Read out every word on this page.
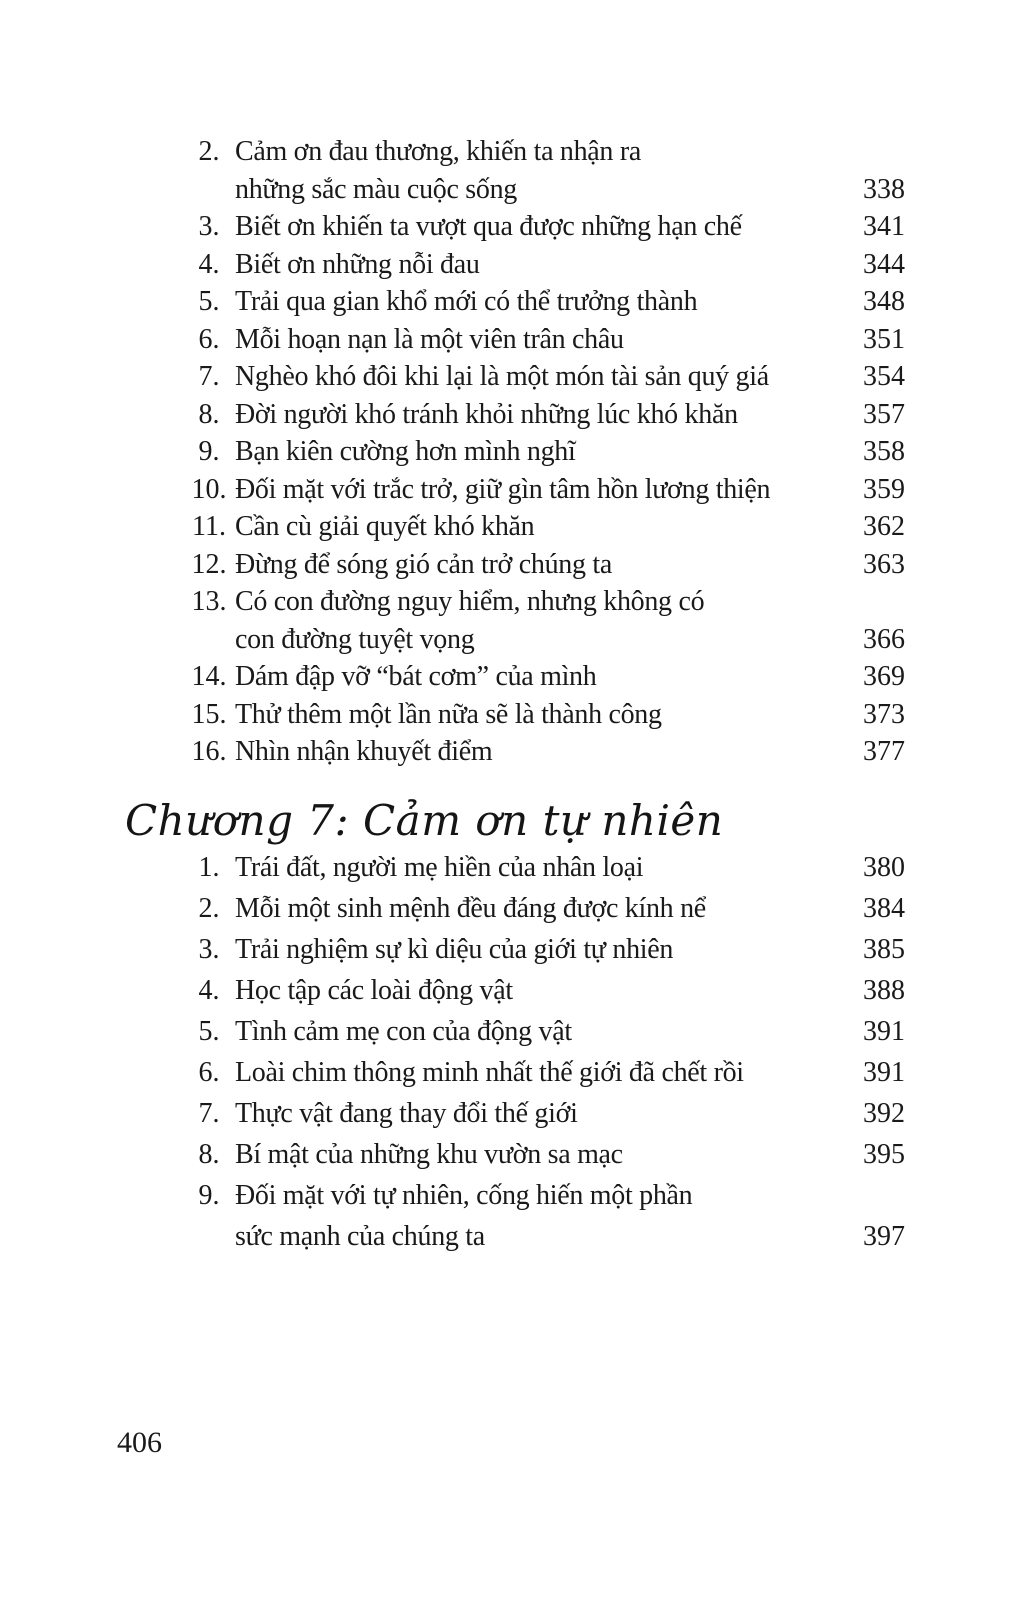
2. Cảm ơn đau thương, khiến ta nhận ra
những sắc màu cuộc sống	338
3. Biết ơn khiến ta vượt qua được những hạn chế	341
4. Biết ơn những nỗi đau	344
5. Trải qua gian khổ mới có thể trưởng thành	348
6. Mỗi hoạn nạn là một viên trân châu	351
7. Nghèo khó đôi khi lại là một món tài sản quý giá	354
8. Đời người khó tránh khỏi những lúc khó khăn	357
9. Bạn kiên cường hơn mình nghĩ	358
10. Đối mặt với trắc trở, giữ gìn tâm hồn lương thiện	359
11. Cần cù giải quyết khó khăn	362
12. Đừng để sóng gió cản trở chúng ta	363
13. Có con đường nguy hiểm, nhưng không có
con đường tuyệt vọng	366
14. Dám đập vỡ “bát cơm” của mình	369
15. Thử thêm một lần nữa sẽ là thành công	373
16. Nhìn nhận khuyết điểm	377
Chương 7: Cảm ơn tự nhiên
1. Trái đất, người mẹ hiền của nhân loại	380
2. Mỗi một sinh mệnh đều đáng được kính nể	384
3. Trải nghiệm sự kì diệu của giới tự nhiên	385
4. Học tập các loài động vật	388
5. Tình cảm mẹ con của động vật	391
6. Loài chim thông minh nhất thế giới đã chết rồi	391
7. Thực vật đang thay đổi thế giới	392
8. Bí mật của những khu vườn sa mạc	395
9. Đối mặt với tự nhiên, cống hiến một phần
sức mạnh của chúng ta	397
406
